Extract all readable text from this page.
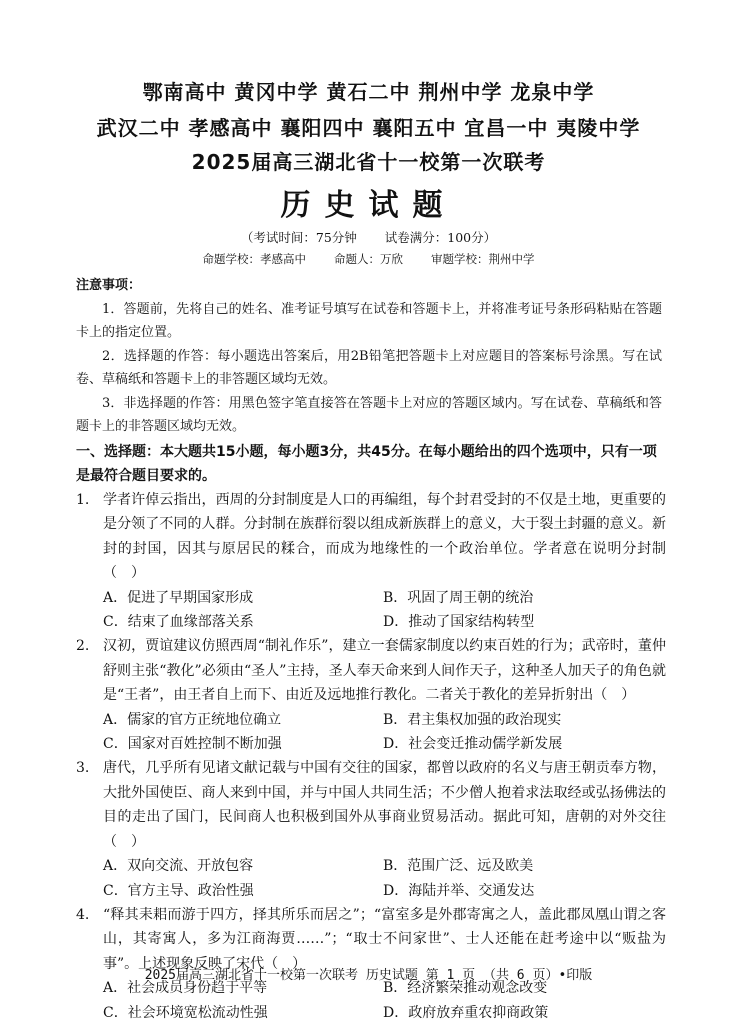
鄂南高中 黄冈中学 黄石二中 荆州中学 龙泉中学
武汉二中 孝感高中 襄阳四中 襄阳五中 宜昌一中 夷陵中学
2025届高三湖北省十一校第一次联考
历史试题
（考试时间：75分钟 试卷满分：100分）
命题学校：孝感高中 命题人：万欣 审题学校：荆州中学
注意事项：

1．答题前，先将自己的姓名、准考证号填写在试卷和答题卡上，并将准考证号条形码粘贴在答题卡上的指定位置。

2．选择题的作答：每小题选出答案后，用2B铅笔把答题卡上对应题目的答案标号涂黑。写在试卷、草稿纸和答题卡上的非答题区域均无效。

3．非选择题的作答：用黑色签字笔直接答在答题卡上对应的答题区域内。写在试卷、草稿纸和答题卡上的非答题区域均无效。

一、选择题：本大题共15小题，每小题3分，共45分。在每小题给出的四个选项中，只有一项是最符合题目要求的。
1. 学者许倬云指出，西周的分封制度是人口的再编组，每个封君受封的不仅是土地，更重要的是分领了不同的人群。分封制在族群衍裂以组成新族群上的意义，大于裂土封疆的意义。新封的封国，因其与原居民的糅合，而成为地缘性的一个政治单位。学者意在说明分封制（　）
A．促进了早期国家形成	B．巩固了周王朝的统治
C．结束了血缘部落关系	D．推动了国家结构转型
2. 汉初，贾谊建议仿照西周“制礼作乐”，建立一套儒家制度以约束百姓的行为；武帝时，董仲舒则主张“教化”必须由“圣人”主持，圣人奉天命来到人间作天子，这种圣人加天子的角色就是“王者”，由王者自上而下、由近及远地推行教化。二者关于教化的差异折射出（　）
A．儒家的官方正统地位确立	B．君主集权加强的政治现实
C．国家对百姓控制不断加强	D．社会变迁推动儒学新发展
3. 唐代，几乎所有见诸文献记载与中国有交往的国家，都曾以政府的名义与唐王朝贡奉方物，大批外国使臣、商人来到中国，并与中国人共同生活；不少僧人抱着求法取经或弘扬佛法的目的走出了国门，民间商人也积极到国外从事商业贸易活动。据此可知，唐朝的对外交往（　）
A．双向交流、开放包容	B．范围广泛、远及欧美
C．官方主导、政治性强	D．海陆并举、交通发达
4. “释其耒耜而游于四方，择其所乐而居之”；“富室多是外郡寄寓之人，盖此郡凤凰山谓之客山，其寄寓人，多为江商海贾……”；“取士不问家世”、士人还能在赶考途中以“贩盐为事”。上述现象反映了宋代（　）
A．社会成员身份趋于平等	B．经济繁荣推动观念改变
C．社会环境宽松流动性强	D．政府放弃重农抑商政策
2025届高三湖北省十一校第一次联考 历史试题 第 1 页 （共 6 页）•印版
